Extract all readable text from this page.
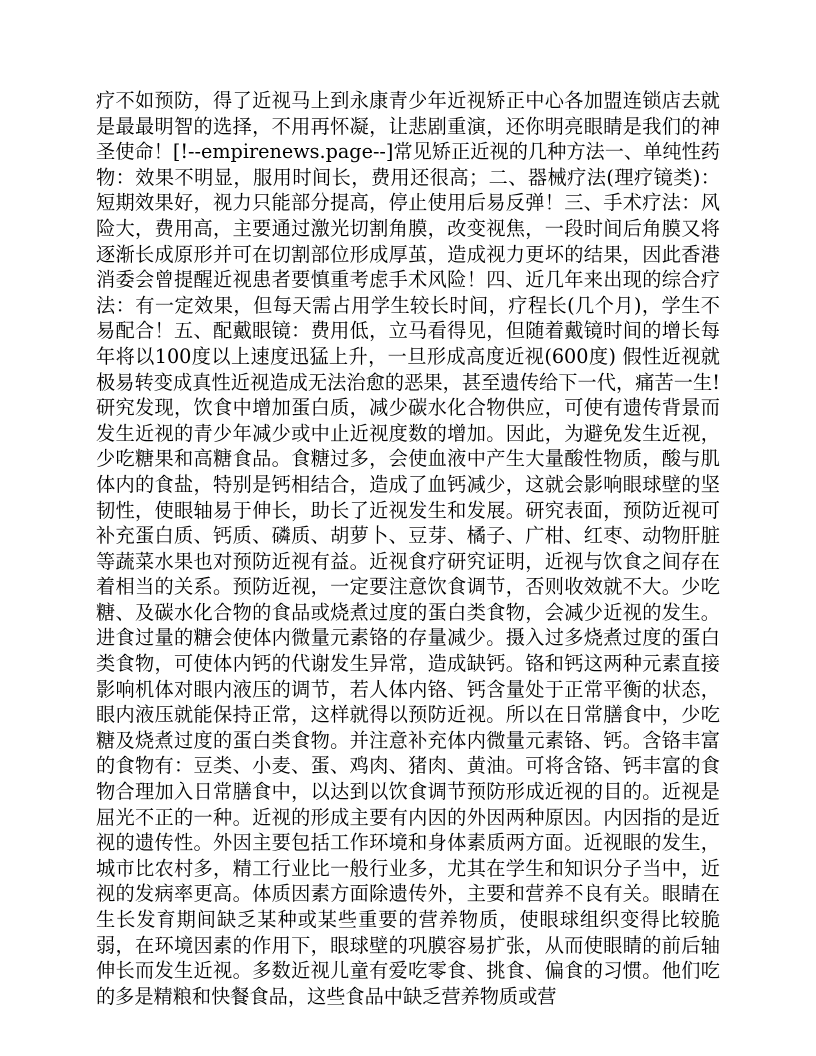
疗不如预防，得了近视马上到永康青少年近视矫正中心各加盟连锁店去就是最最明智的选择，不用再怀凝，让悲剧重演，还你明亮眼睛是我们的神圣使命！[!--empirenews.page--]常见矫正近视的几种方法一、单纯性药物：效果不明显，服用时间长，费用还很高；二、器械疗法(理疗镜类)：短期效果好，视力只能部分提高，停止使用后易反弹！三、手术疗法：风险大，费用高，主要通过激光切割角膜，改变视焦，一段时间后角膜又将逐渐长成原形并可在切割部位形成厚茧，造成视力更坏的结果，因此香港消委会曾提醒近视患者要慎重考虑手术风险！四、近几年来出现的综合疗法：有一定效果，但每天需占用学生较长时间，疗程长(几个月)，学生不易配合！五、配戴眼镜：费用低，立马看得见，但随着戴镜时间的增长每年将以100度以上速度迅猛上升，一旦形成高度近视(600度) 假性近视就极易转变成真性近视造成无法治愈的恶果，甚至遗传给下一代，痛苦一生!研究发现，饮食中增加蛋白质，减少碳水化合物供应，可使有遗传背景而发生近视的青少年减少或中止近视度数的增加。因此，为避免发生近视，少吃糖果和高糖食品。食糖过多，会使血液中产生大量酸性物质，酸与肌体内的食盐，特别是钙相结合，造成了血钙减少，这就会影响眼球壁的坚韧性，使眼轴易于伸长，助长了近视发生和发展。研究表面，预防近视可补充蛋白质、钙质、磷质、胡萝卜、豆芽、橘子、广柑、红枣、动物肝脏等蔬菜水果也对预防近视有益。近视食疗研究证明，近视与饮食之间存在着相当的关系。预防近视，一定要注意饮食调节，否则收效就不大。少吃糖、及碳水化合物的食品或烧煮过度的蛋白类食物，会减少近视的发生。进食过量的糖会使体内微量元素铬的存量减少。摄入过多烧煮过度的蛋白类食物，可使体内钙的代谢发生异常，造成缺钙。铬和钙这两种元素直接影响机体对眼内液压的调节，若人体内铬、钙含量处于正常平衡的状态，眼内液压就能保持正常，这样就得以预防近视。所以在日常膳食中，少吃糖及烧煮过度的蛋白类食物。并注意补充体内微量元素铬、钙。含铬丰富的食物有：豆类、小麦、蛋、鸡肉、猪肉、黄油。可将含铬、钙丰富的食物合理加入日常膳食中，以达到以饮食调节预防形成近视的目的。近视是屈光不正的一种。近视的形成主要有内因的外因两种原因。内因指的是近视的遗传性。外因主要包括工作环境和身体素质两方面。近视眼的发生，城市比农村多，精工行业比一般行业多，尤其在学生和知识分子当中，近视的发病率更高。体质因素方面除遗传外，主要和营养不良有关。眼睛在生长发育期间缺乏某种或某些重要的营养物质，使眼球组织变得比较脆弱，在环境因素的作用下，眼球壁的巩膜容易扩张，从而使眼睛的前后轴伸长而发生近视。多数近视儿童有爱吃零食、挑食、偏食的习惯。他们吃的多是精粮和快餐食品，这些食品中缺乏营养物质或营
